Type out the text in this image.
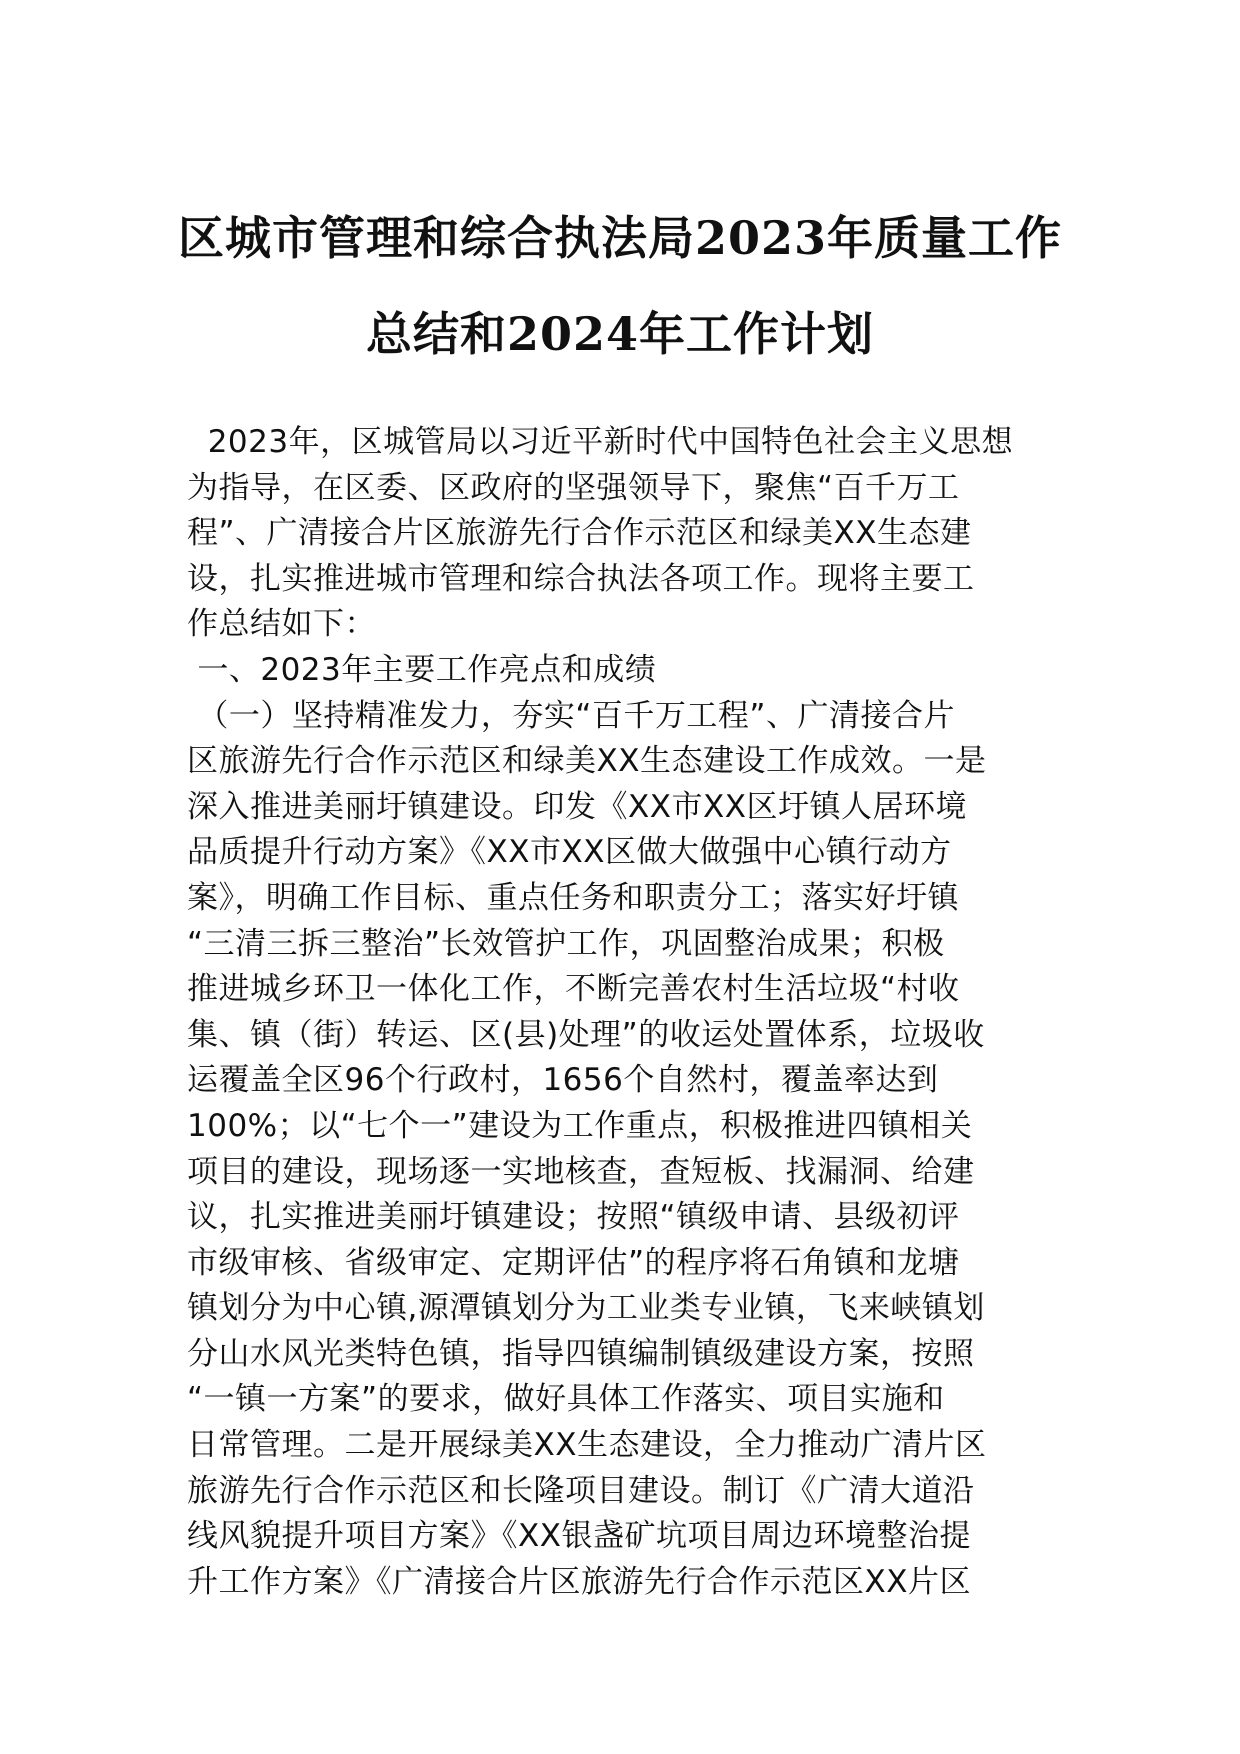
区城市管理和综合执法局2023年质量工作
总结和2024年工作计划
2023年，区城管局以习近平新时代中国特色社会主义思想
为指导，在区委、区政府的坚强领导下，聚焦“百千万工
程”、广清接合片区旅游先行合作示范区和绿美XX生态建
设，扎实推进城市管理和综合执法各项工作。现将主要工
作总结如下：
一、2023年主要工作亮点和成绩
（一）坚持精准发力，夯实“百千万工程”、广清接合片
区旅游先行合作示范区和绿美XX生态建设工作成效。一是
深入推进美丽圩镇建设。印发《XX市XX区圩镇人居环境
品质提升行动方案》《XX市XX区做大做强中心镇行动方
案》，明确工作目标、重点任务和职责分工；落实好圩镇
“三清三拆三整治”长效管护工作，巩固整治成果；积极
推进城乡环卫一体化工作，不断完善农村生活垃圾“村收
集、镇（街）转运、区(县)处理”的收运处置体系，垃圾收
运覆盖全区96个行政村，1656个自然村，覆盖率达到
100%；以“七个一”建设为工作重点，积极推进四镇相关
项目的建设，现场逐一实地核查，查短板、找漏洞、给建
议，扎实推进美丽圩镇建设；按照“镇级申请、县级初评
市级审核、省级审定、定期评估”的程序将石角镇和龙塘
镇划分为中心镇,源潭镇划分为工业类专业镇，飞来峡镇划
分山水风光类特色镇，指导四镇编制镇级建设方案，按照
“一镇一方案”的要求，做好具体工作落实、项目实施和
日常管理。二是开展绿美XX生态建设，全力推动广清片区
旅游先行合作示范区和长隆项目建设。制订《广清大道沿
线风貌提升项目方案》《XX银盏矿坑项目周边环境整治提
升工作方案》《广清接合片区旅游先行合作示范区XX片区
